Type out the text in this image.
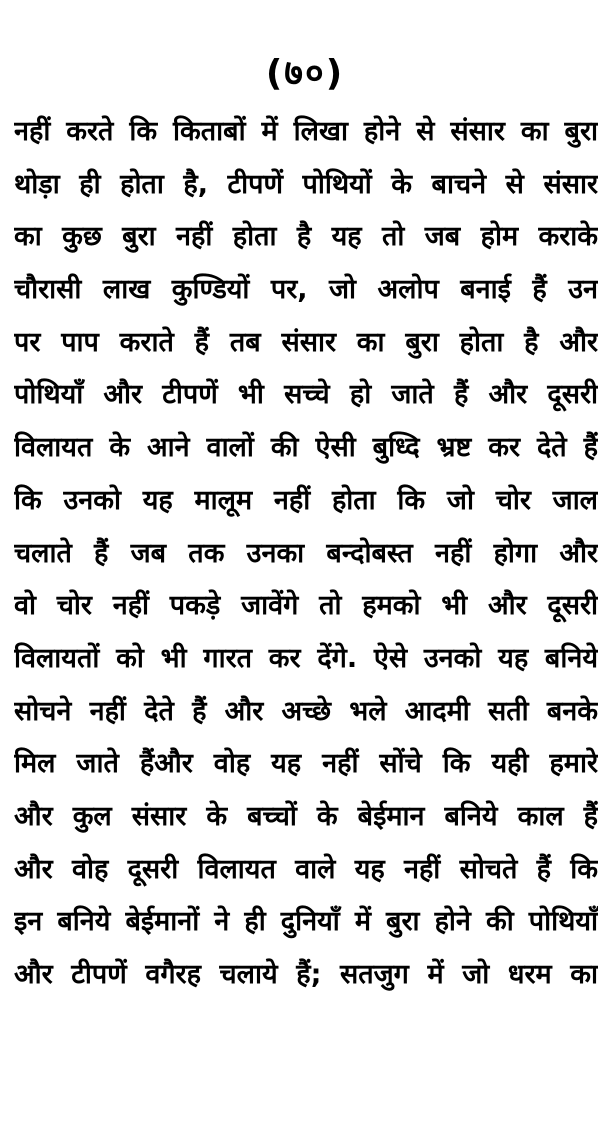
(७०)
नहीं करते कि किताबों में लिखा होने से संसार का बुरा
थोड़ा ही होता है, टीपणें पोथियों के बाचने से संसार
का कुछ बुरा नहीं होता है यह तो जब होम कराके
चौरासी लाख कुण्डियों पर, जो अलोप बनाई हैं उन
पर पाप कराते हैं तब संसार का बुरा होता है और
पोथियाँ और टीपणें भी सच्चे हो जाते हैं और दूसरी
विलायत के आने वालों की ऐसी बुध्दि भ्रष्ट कर देते हैं
कि उनको यह मालूम नहीं होता कि जो चोर जाल
चलाते हैं जब तक उनका बन्दोबस्त नहीं होगा और
वो चोर नहीं पकड़े जावेंगे तो हमको भी और दूसरी
विलायतों को भी गारत कर देंगे. ऐसे उनको यह बनिये
सोचने नहीं देते हैं और अच्छे भले आदमी सती बनके
मिल जाते हैंऔर वोह यह नहीं सोंचे कि यही हमारे
और कुल संसार के बच्चों के बेईमान बनिये काल हैं
और वोह दूसरी विलायत वाले यह नहीं सोचते हैं कि
इन बनिये बेईमानों ने ही दुनियाँ में बुरा होने की पोथियाँ
और टीपणें वगैरह चलाये हैं; सतजुग में जो धरम का
